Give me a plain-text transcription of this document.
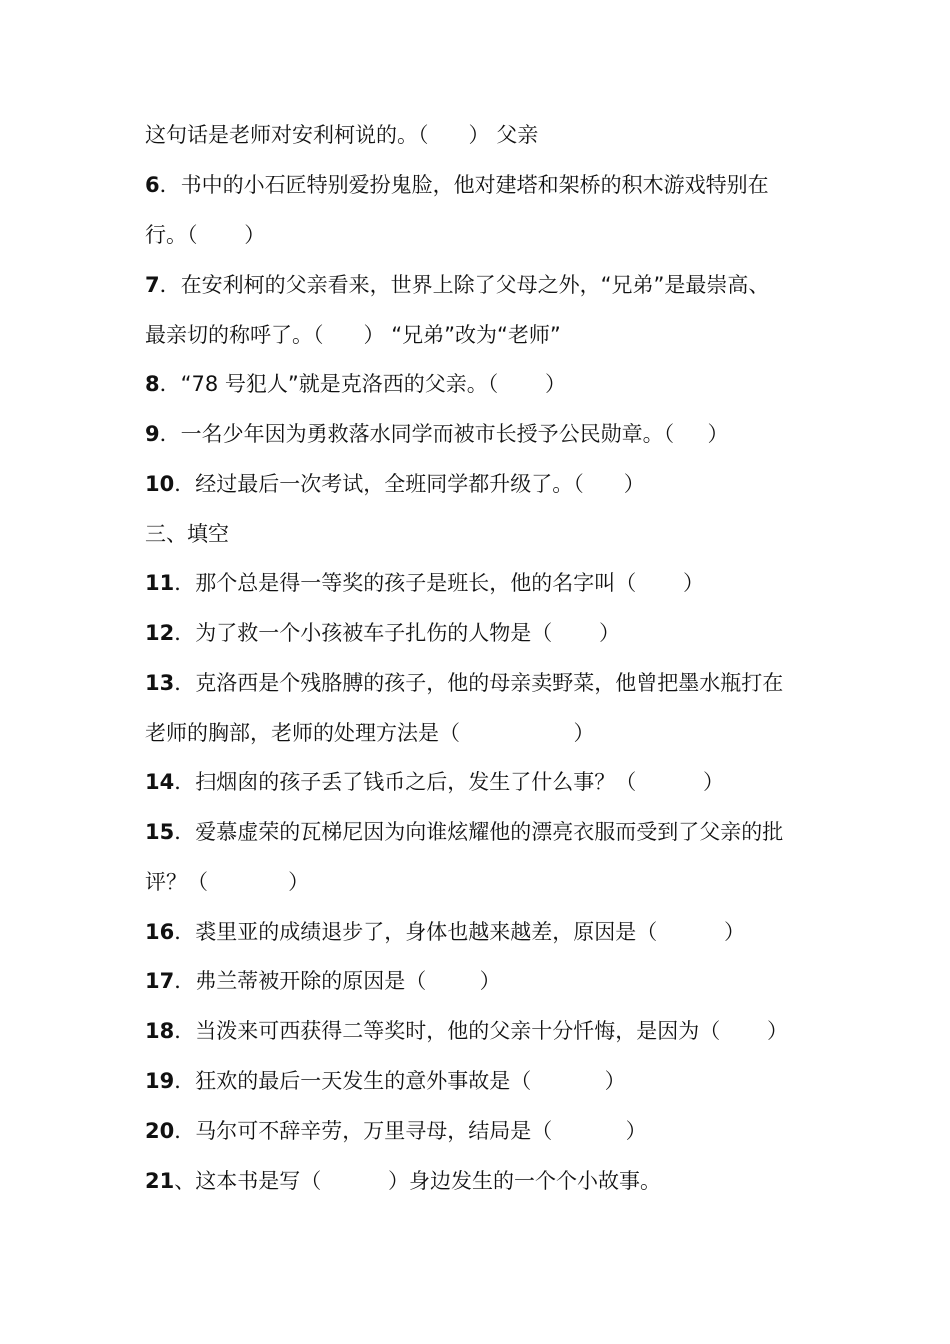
这句话是老师对安利柯说的。（      ） 父亲
6．书中的小石匠特别爱扮鬼脸，他对建塔和架桥的积木游戏特别在
行。（       ）
7．在安利柯的父亲看来，世界上除了父母之外，“兄弟”是最崇高、
最亲切的称呼了。（      ） “兄弟”改为“老师”
8．“78 号犯人”就是克洛西的父亲。（       ）
9．一名少年因为勇救落水同学而被市长授予公民勋章。（     ）
10．经过最后一次考试，全班同学都升级了。（      ）
三、填空
11．那个总是得一等奖的孩子是班长，他的名字叫（       ）
12．为了救一个小孩被车子扎伤的人物是（       ）
13．克洛西是个残胳膊的孩子，他的母亲卖野菜，他曾把墨水瓶打在
老师的胸部，老师的处理方法是（                 ）
14．扫烟囱的孩子丢了钱币之后，发生了什么事？（          ）
15．爱慕虚荣的瓦梯尼因为向谁炫耀他的漂亮衣服而受到了父亲的批
评？（            ）
16．裘里亚的成绩退步了，身体也越来越差，原因是（          ）
17．弗兰蒂被开除的原因是（        ）
18．当泼来可西获得二等奖时，他的父亲十分忏悔，是因为（       ）
19．狂欢的最后一天发生的意外事故是（           ）
20．马尔可不辞辛劳，万里寻母，结局是（           ）
21、这本书是写（          ）身边发生的一个个小故事。
